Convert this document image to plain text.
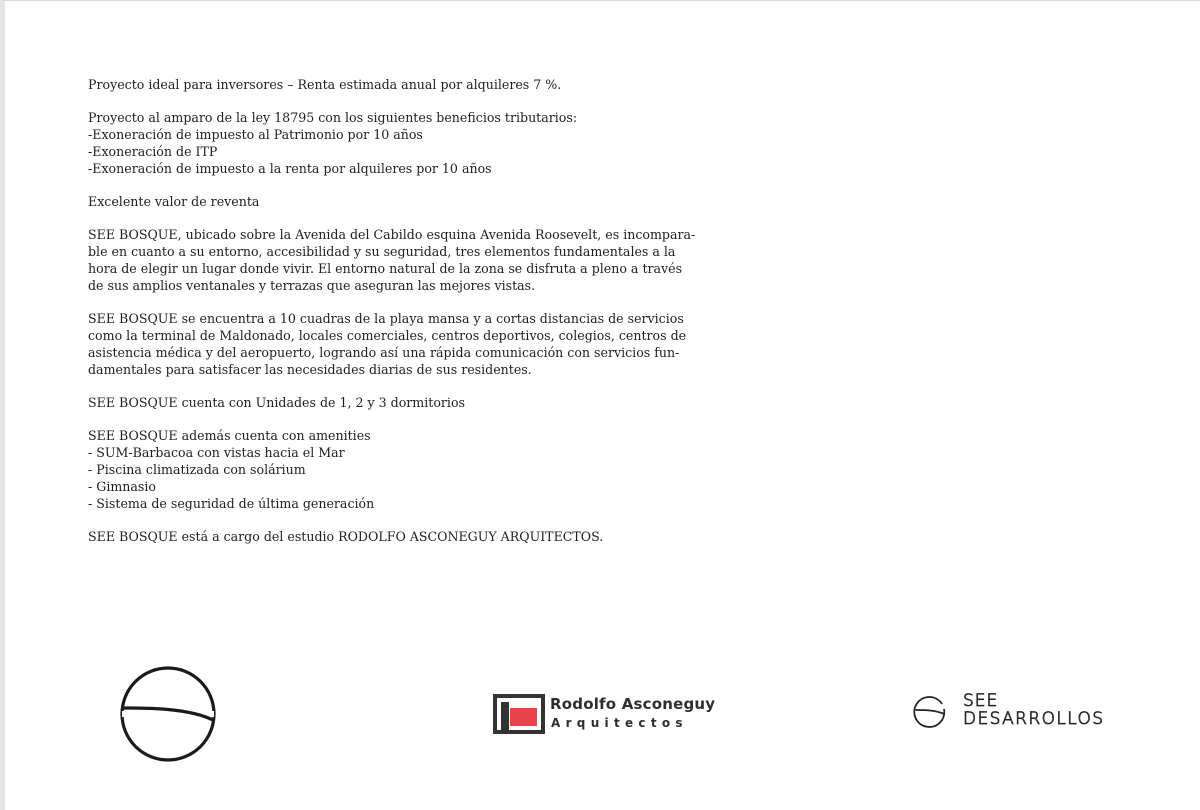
Proyecto ideal para inversores – Renta estimada anual por alquileres 7 %.

Proyecto al amparo de la ley 18795 con los siguientes beneficios tributarios:
-Exoneración de impuesto al Patrimonio por 10 años
-Exoneración de ITP
-Exoneración de impuesto a la renta por alquileres por 10 años

Excelente valor de reventa

SEE BOSQUE, ubicado sobre la Avenida del Cabildo esquina Avenida Roosevelt, es incompara-
ble en cuanto a su entorno, accesibilidad y su seguridad, tres elementos fundamentales a la
hora de elegir un lugar donde vivir. El entorno natural de la zona se disfruta a pleno a través
de sus amplios ventanales y terrazas que aseguran las mejores vistas.

SEE BOSQUE se encuentra a 10 cuadras de la playa mansa y a cortas distancias de servicios
como la terminal de Maldonado, locales comerciales, centros deportivos, colegios, centros de
asistencia médica y del aeropuerto, logrando así una rápida comunicación con servicios fun-
damentales para satisfacer las necesidades diarias de sus residentes.

SEE BOSQUE cuenta con Unidades de 1, 2 y 3 dormitorios

SEE BOSQUE además cuenta con amenities
- SUM-Barbacoa con vistas hacia el Mar
- Piscina climatizada con solárium
- Gimnasio
- Sistema de seguridad de última generación

SEE BOSQUE está a cargo del estudio RODOLFO ASCONEGUY ARQUITECTOS.

Rodolfo Asconeguy
Arquitectos
SEE
DESARROLLOS
